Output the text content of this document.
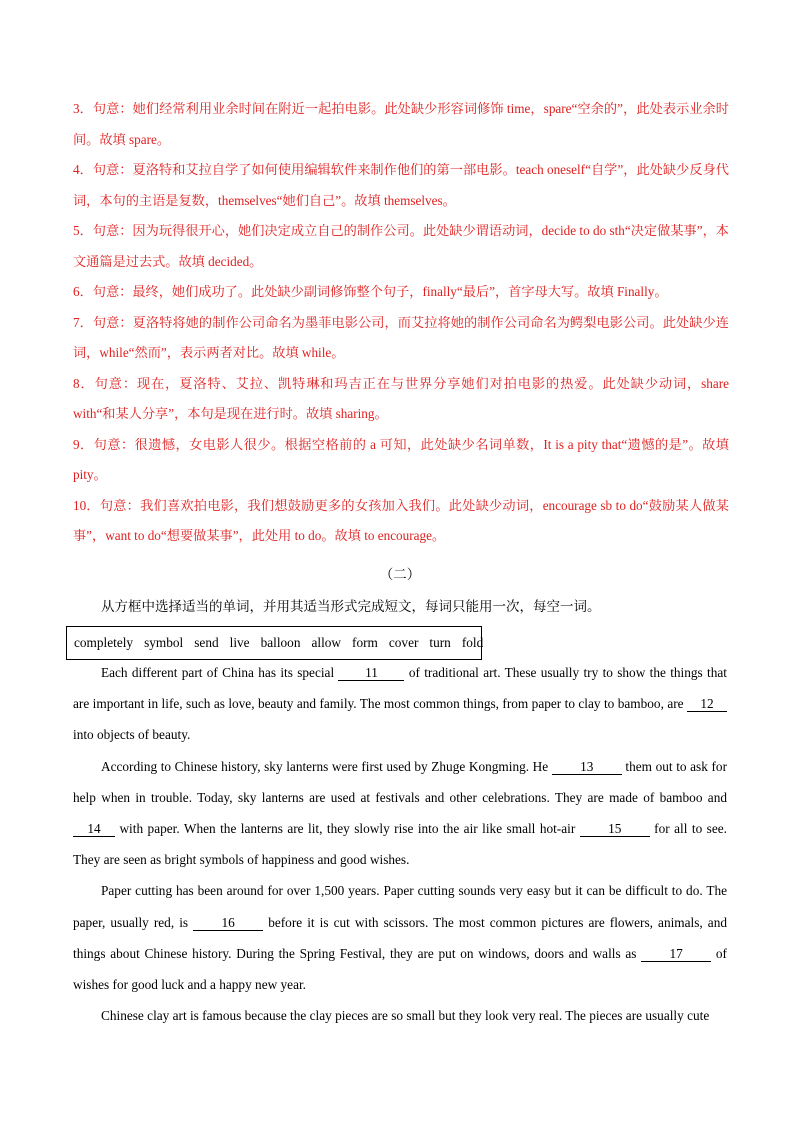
3．句意：她们经常利用业余时间在附近一起拍电影。此处缺少形容词修饰 time，spare“空余的”，此处表示业余时间。故填 spare。

4．句意：夏洛特和艾拉自学了如何使用编辑软件来制作他们的第一部电影。teach oneself“自学”，此处缺少反身代词，本句的主语是复数，themselves“她们自己”。故填 themselves。

5．句意：因为玩得很开心，她们决定成立自己的制作公司。此处缺少谓语动词，decide to do sth“决定做某事”，本文通篇是过去式。故填 decided。

6．句意：最终，她们成功了。此处缺少副词修饰整个句子，finally“最后”，首字母大写。故填 Finally。

7．句意：夏洛特将她的制作公司命名为墨菲电影公司，而艾拉将她的制作公司命名为鳄梨电影公司。此处缺少连词，while“然而”，表示两者对比。故填 while。

8．句意：现在，夏洛特、艾拉、凯特琳和玛吉正在与世界分享她们对拍电影的热爱。此处缺少动词，share with“和某人分享”，本句是现在进行时。故填 sharing。

9．句意：很遗憾，女电影人很少。根据空格前的 a 可知，此处缺少名词单数，It is a pity that“遗憾的是”。故填 pity。

10．句意：我们喜欢拍电影，我们想鼓励更多的女孩加入我们。此处缺少动词，encourage sb to do“鼓励某人做某事”，want to do“想要做某事”，此处用 to do。故填 to encourage。

（二）

从方框中选择适当的单词，并用其适当形式完成短文，每词只能用一次，每空一词。

completely symbol send live balloon allow form cover turn fold

Each different part of China has its special 11 of traditional art. These usually try to show the things that are important in life, such as love, beauty and family. The most common things, from paper to clay to bamboo, are 12 into objects of beauty.

According to Chinese history, sky lanterns were first used by Zhuge Kongming. He 13 them out to ask for help when in trouble. Today, sky lanterns are used at festivals and other celebrations. They are made of bamboo and 14 with paper. When the lanterns are lit, they slowly rise into the air like small hot-air 15 for all to see. They are seen as bright symbols of happiness and good wishes.

Paper cutting has been around for over 1,500 years. Paper cutting sounds very easy but it can be difficult to do. The paper, usually red, is 16 before it is cut with scissors. The most common pictures are flowers, animals, and things about Chinese history. During the Spring Festival, they are put on windows, doors and walls as 17 of wishes for good luck and a happy new year.

Chinese clay art is famous because the clay pieces are so small but they look very real. The pieces are usually cute
